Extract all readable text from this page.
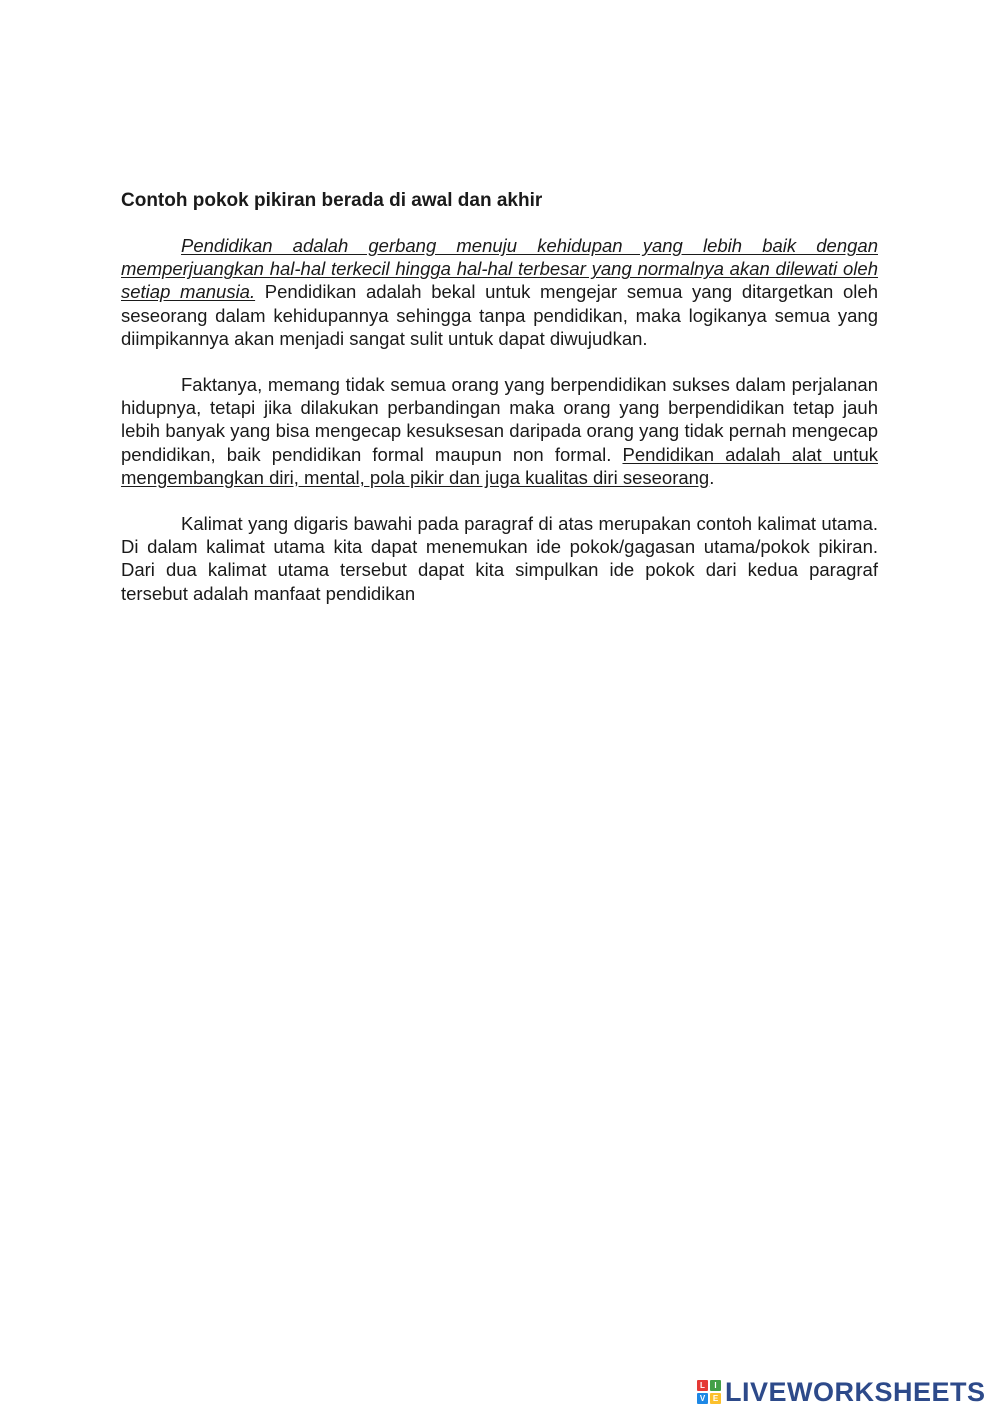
Contoh pokok pikiran berada di awal dan akhir

Pendidikan adalah gerbang menuju kehidupan yang lebih baik dengan memperjuangkan hal-hal terkecil hingga hal-hal terbesar yang normalnya akan dilewati oleh setiap manusia. Pendidikan adalah bekal untuk mengejar semua yang ditargetkan oleh seseorang dalam kehidupannya sehingga tanpa pendidikan, maka logikanya semua yang diimpikannya akan menjadi sangat sulit untuk dapat diwujudkan.

Faktanya, memang tidak semua orang yang berpendidikan sukses dalam perjalanan hidupnya, tetapi jika dilakukan perbandingan maka orang yang berpendidikan tetap jauh lebih banyak yang bisa mengecap kesuksesan daripada orang yang tidak pernah mengecap pendidikan, baik pendidikan formal maupun non formal. Pendidikan adalah alat untuk mengembangkan diri, mental, pola pikir dan juga kualitas diri seseorang.

Kalimat yang digaris bawahi pada paragraf di atas merupakan contoh kalimat utama. Di dalam kalimat utama kita dapat menemukan ide pokok/gagasan utama/pokok pikiran. Dari dua kalimat utama tersebut dapat kita simpulkan ide pokok dari kedua paragraf tersebut adalah manfaat pendidikan

L	I
V E LIVEWORKSHEETS
